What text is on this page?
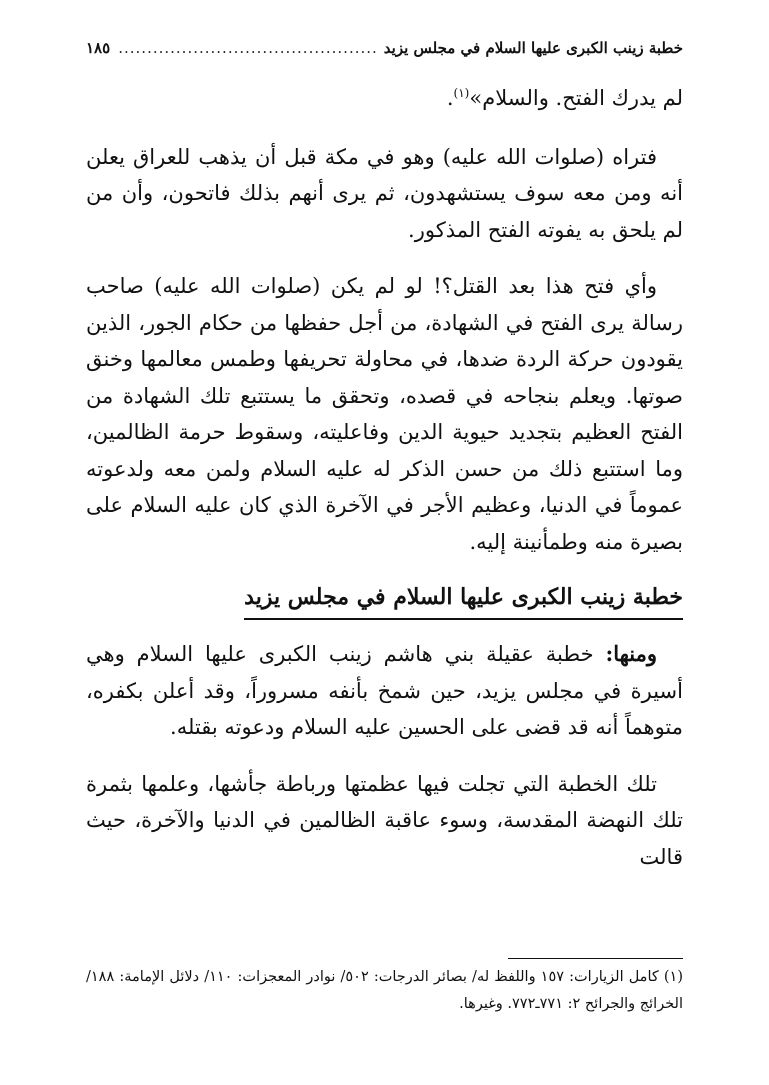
خطبة زينب الكبرى عليها السلام في مجلس يزيد
.....
١٨٥

لم يدرك الفتح. والسلام»$^{(١)}$.

فتراه (صلوات الله عليه) وهو في مكة قبل أن يذهب للعراق يعلن أنه ومن معه سوف يستشهدون، ثم يرى أنهم بذلك فاتحون، وأن من لم يلحق به يفوته الفتح المذكور.

وأي فتح هذا بعد القتل؟! لو لم يكن (صلوات الله عليه) صاحب رسالة يرى الفتح في الشهادة، من أجل حفظها من حكام الجور، الذين يقودون حركة الردة ضدها، في محاولة تحريفها وطمس معالمها وخنق صوتها. ويعلم بنجاحه في قصده، وتحقق ما يستتبع تلك الشهادة من الفتح العظيم بتجديد حيوية الدين وفاعليته، وسقوط حرمة الظالمين، وما استتبع ذلك من حسن الذكر له عليه السلام ولمن معه ولدعوته عموماً في الدنيا، وعظيم الأجر في الآخرة الذي كان عليه السلام على بصيرة منه وطمأنينة إليه.

خطبة زينب الكبرى عليها السلام في مجلس يزيد

ومنها: خطبة عقيلة بني هاشم زينب الكبرى عليها السلام وهي أسيرة في مجلس يزيد، حين شمخ بأنفه مسروراً، وقد أعلن بكفره، متوهماً أنه قد قضى على الحسين عليه السلام ودعوته بقتله.

تلك الخطبة التي تجلت فيها عظمتها ورباطة جأشها، وعلمها بثمرة تلك النهضة المقدسة، وسوء عاقبة الظالمين في الدنيا والآخرة، حيث قالت

(١) كامل الزيارات: ١٥٧ واللفظ له/ بصائر الدرجات: ٥٠٢/ نوادر المعجزات: ١١٠/ دلائل الإمامة: ١٨٨/ الخرائج والجرائح ٢: ٧٧١ـ٧٧٢. وغيرها.
